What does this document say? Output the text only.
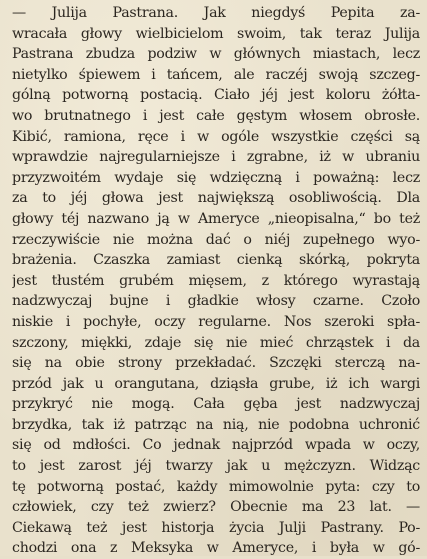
— Julija Pastrana. Jak niegdyś Pepita za-
wracała głowy wielbicielom swoim, tak teraz Julija
Pastrana zbudza podziw w głównych miastach, lecz
nietylko śpiewem i tańcem, ale raczéj swoją szczeg-
gólną potworną postacią. Ciało jéj jest koloru żółta-
wo brutnatnego i jest całe gęstym włosem obrosłe.
Kibić, ramiona, ręce i w ogóle wszystkie części są
wprawdzie najregularniejsze i zgrabne, iż w ubraniu
przyzwoitém wydaje się wdzięczną i poważną: lecz
za to jéj głowa jest największą osobliwością. Dla
głowy téj nazwano ją w Ameryce „nieopisalna,“ bo też
rzeczywiście nie można dać o niéj zupełnego wyo-
brażenia. Czaszka zamiast cienką skórką, pokryta
jest tłustém grubém mięsem, z którego wyrastają
nadzwyczaj bujne i gładkie włosy czarne. Czoło
niskie i pochyłe, oczy regularne. Nos szeroki spła-
szczony, miękki, zdaje się nie mieć chrząstek i da
się na obie strony przekładać. Szczęki sterczą na-
przód jak u orangutana, dziąsła grube, iż ich wargi
przykryć nie mogą. Cała gęba jest nadzwyczaj
brzydka, tak iż patrząc na nią, nie podobna uchronić
się od mdłości. Co jednak najprzód wpada w oczy,
to jest zarost jéj twarzy jak u mężczyzn. Widząc
tę potworną postać, każdy mimowolnie pyta: czy to
człowiek, czy też zwierz? Obecnie ma 23 lat. —
Ciekawą też jest historja życia Julji Pastrany. Po-
chodzi ona z Meksyka w Ameryce, i była w gó-
